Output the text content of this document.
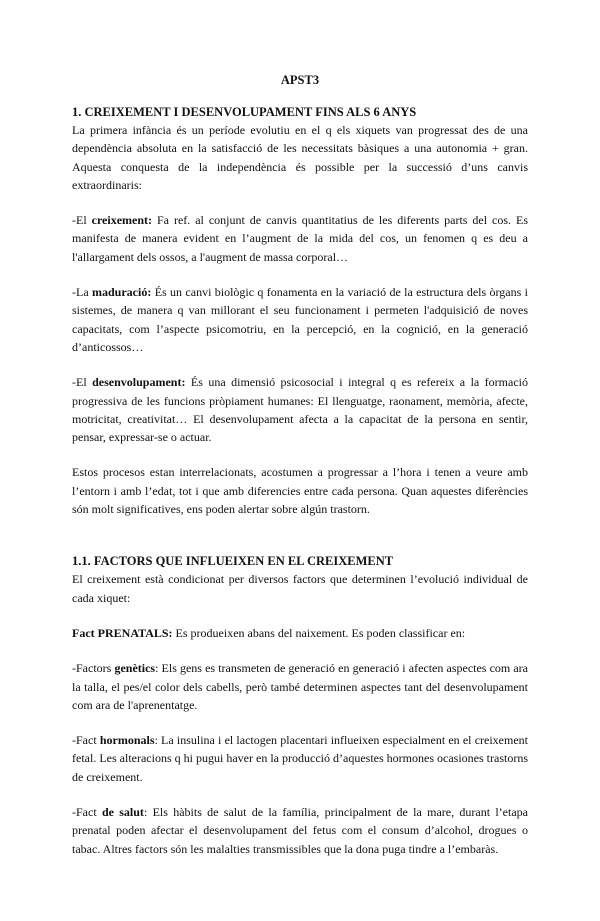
APST3
1. CREIXEMENT I DESENVOLUPAMENT FINS ALS 6 ANYS

La primera infància és un període evolutiu en el q els xiquets van progressat des de una dependència absoluta en la satisfacció de les necessitats bàsiques a una autonomia + gran. Aquesta conquesta de la independència és possible per la successió d’uns canvis extraordinaris:

-El creixement: Fa ref. al conjunt de canvis quantitatius de les diferents parts del cos. Es manifesta de manera evident en l’augment de la mida del cos, un fenomen q es deu a l'allargament dels ossos, a l'augment de massa corporal…

-La maduració: És un canvi biològic q fonamenta en la variació de la estructura dels òrgans i sistemes, de manera q van millorant el seu funcionament i permeten l'adquisició de noves capacitats, com l’aspecte psicomotriu, en la percepció, en la cognició, en la generació d’anticossos…

-El desenvolupament: És una dimensió psicosocial i integral q es refereix a la formació progressiva de les funcions pròpiament humanes: El llenguatge, raonament, memòria, afecte, motricitat, creativitat… El desenvolupament afecta a la capacitat de la persona en sentir, pensar, expressar-se o actuar.

Estos procesos estan interrelacionats, acostumen a progressar a l’hora i tenen a veure amb l’entorn i amb l’edat, tot i que amb diferencies entre cada persona. Quan aquestes diferències són molt significatives, ens poden alertar sobre algún trastorn.

1.1. FACTORS QUE INFLUEIXEN EN EL CREIXEMENT

El creixement està condicionat per diversos factors que determinen l’evolució individual de cada xiquet:

Fact PRENATALS: Es produeixen abans del naixement. Es poden classificar en:

-Factors genètics: Els gens es transmeten de generació en generació i afecten aspectes com ara la talla, el pes/el color dels cabells, però també determinen aspectes tant del desenvolupament com ara de l'aprenentatge.

-Fact hormonals: La insulina i el lactogen placentari influeixen especialment en el creixement fetal. Les alteracions q hi pugui haver en la producció d’aquestes hormones ocasiones trastorns de creixement.

-Fact de salut: Els hàbits de salut de la família, principalment de la mare, durant l’etapa prenatal poden afectar el desenvolupament del fetus com el consum d’alcohol, drogues o tabac. Altres factors són les malalties transmissibles que la dona puga tindre a l’embaràs.
